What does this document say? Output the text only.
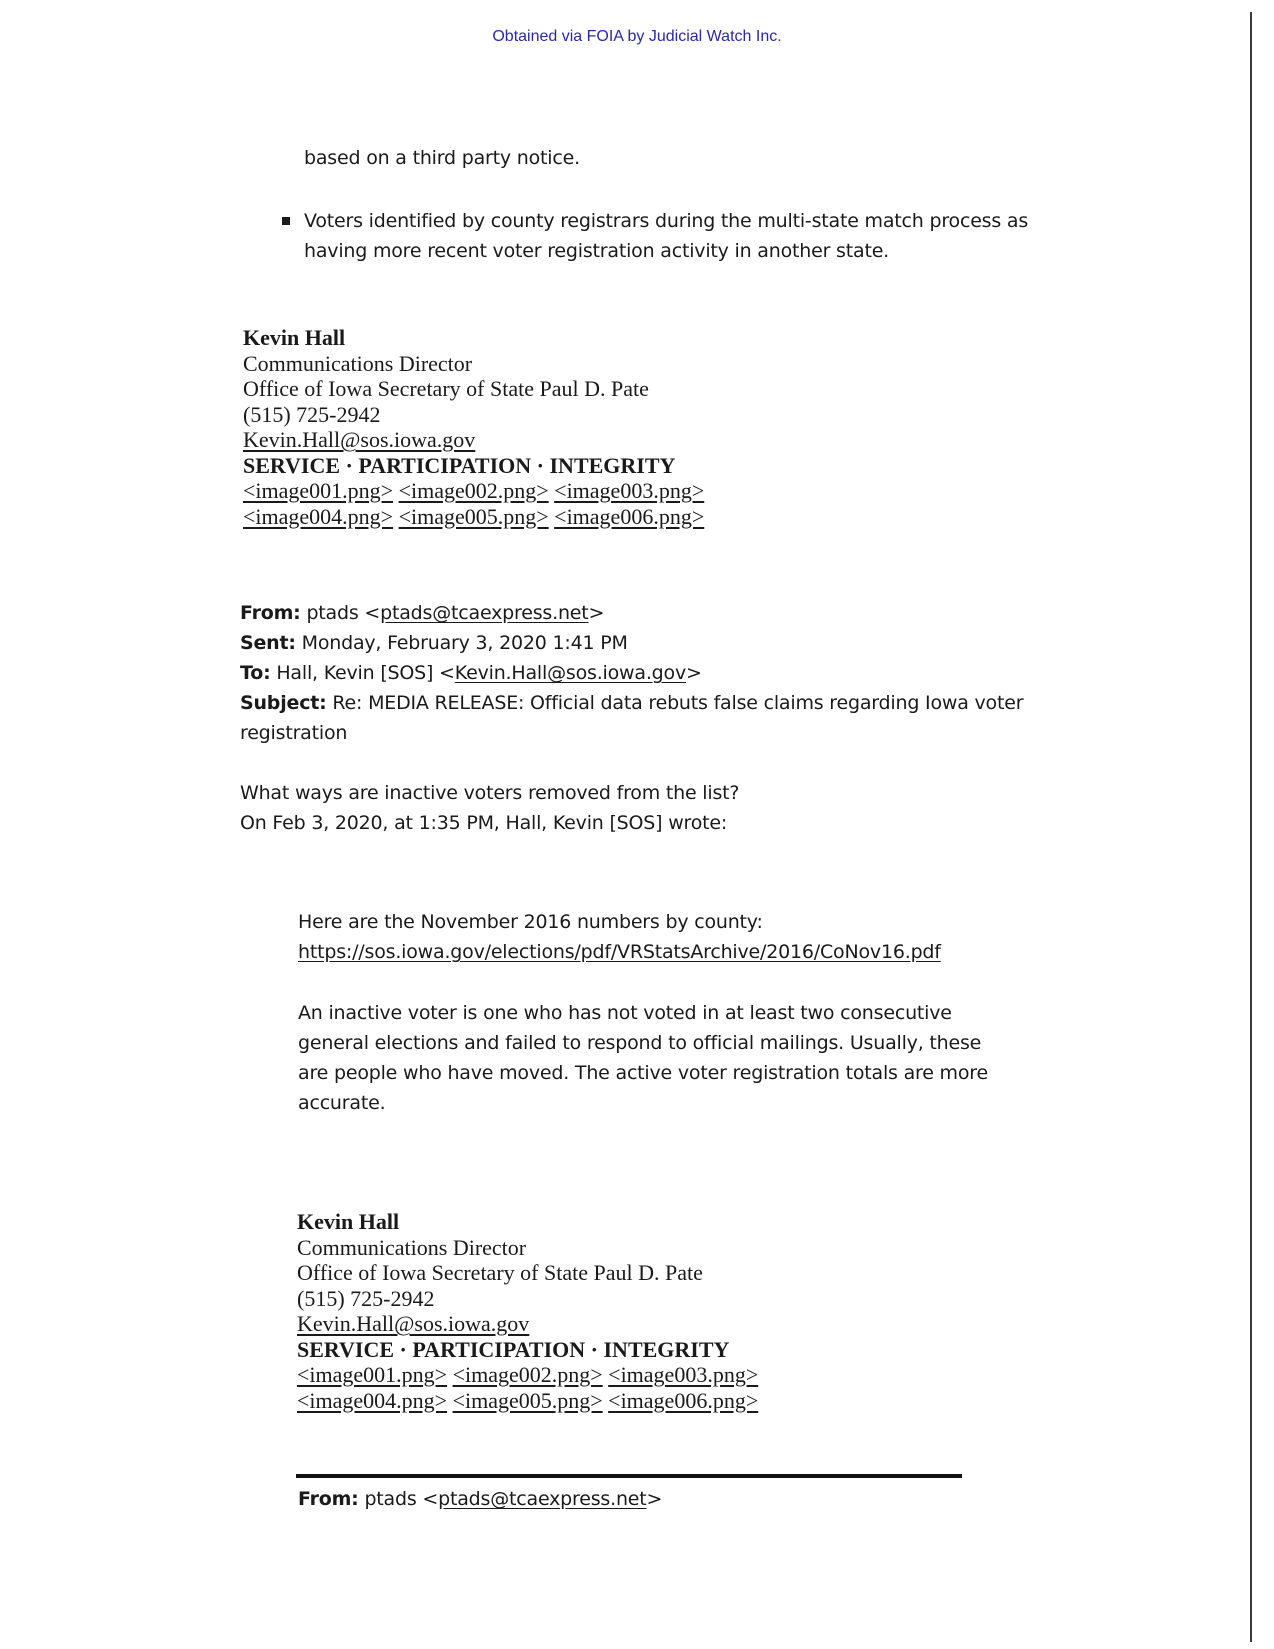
Obtained via FOIA by Judicial Watch Inc.

based on a third party notice.

Voters identified by county registrars during the multi-state match process as
having more recent voter registration activity in another state.
Kevin Hall
Communications Director
Office of Iowa Secretary of State Paul D. Pate
(515) 725-2942
Kevin.Hall@sos.iowa.gov
SERVICE · PARTICIPATION · INTEGRITY
<image001.png> <image002.png> <image003.png>
<image004.png> <image005.png> <image006.png>
From: ptads <ptads@tcaexpress.net>
Sent: Monday, February 3, 2020 1:41 PM
To: Hall, Kevin [SOS] <Kevin.Hall@sos.iowa.gov>
Subject: Re: MEDIA RELEASE: Official data rebuts false claims regarding Iowa voter
registration
What ways are inactive voters removed from the list?
On Feb 3, 2020, at 1:35 PM, Hall, Kevin [SOS] wrote:
Here are the November 2016 numbers by county:
https://sos.iowa.gov/elections/pdf/VRStatsArchive/2016/CoNov16.pdf
An inactive voter is one who has not voted in at least two consecutive
general elections and failed to respond to official mailings. Usually, these
are people who have moved. The active voter registration totals are more
accurate.
Kevin Hall
Communications Director
Office of Iowa Secretary of State Paul D. Pate
(515) 725-2942
Kevin.Hall@sos.iowa.gov
SERVICE · PARTICIPATION · INTEGRITY
<image001.png> <image002.png> <image003.png>
<image004.png> <image005.png> <image006.png>
From: ptads <ptads@tcaexpress.net>
